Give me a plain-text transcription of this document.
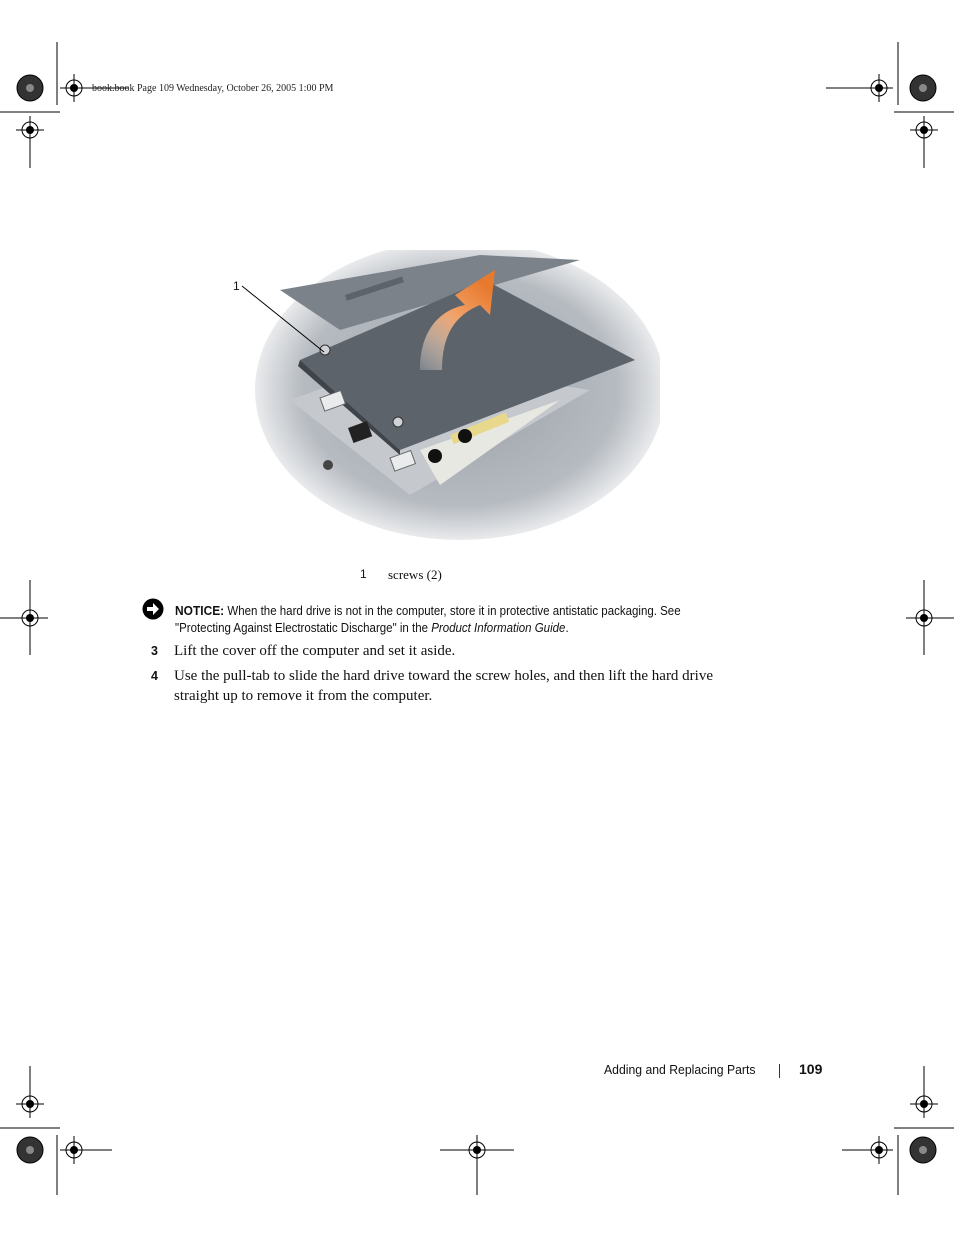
book.book Page 109 Wednesday, October 26, 2005 1:00 PM
1
1 screws (2)
NOTICE: When the hard drive is not in the computer, store it in protective antistatic packaging. See "Protecting Against Electrostatic Discharge" in the Product Information Guide.
3 Lift the cover off the computer and set it aside.
4 Use the pull-tab to slide the hard drive toward the screw holes, and then lift the hard drive straight up to remove it from the computer.
Adding and Replacing Parts	109
